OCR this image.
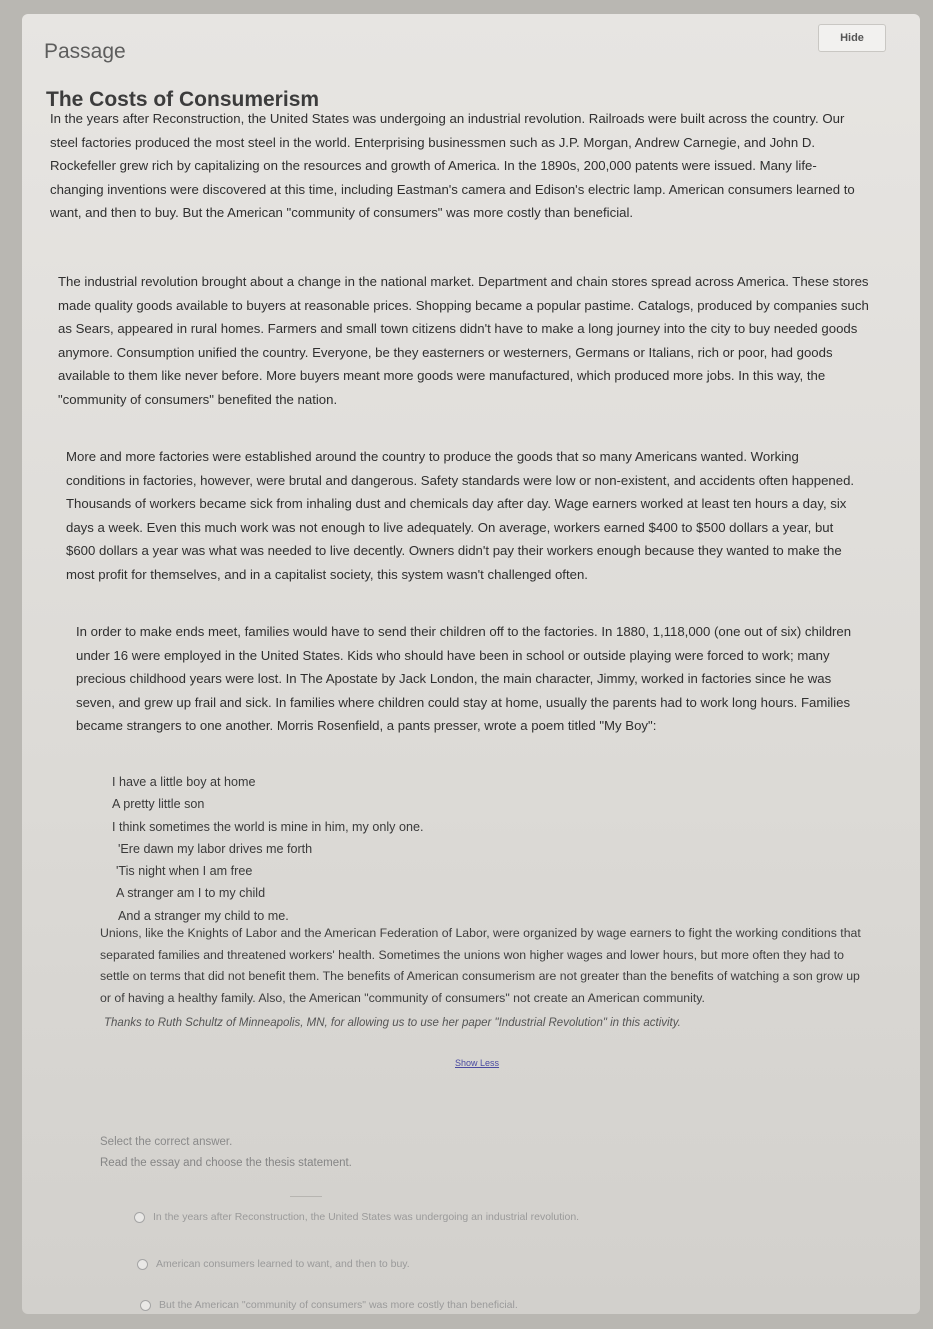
Passage
Hide
The Costs of Consumerism
In the years after Reconstruction, the United States was undergoing an industrial revolution. Railroads were built across the country. Our steel factories produced the most steel in the world. Enterprising businessmen such as J.P. Morgan, Andrew Carnegie, and John D. Rockefeller grew rich by capitalizing on the resources and growth of America. In the 1890s, 200,000 patents were issued. Many life-changing inventions were discovered at this time, including Eastman's camera and Edison's electric lamp. American consumers learned to want, and then to buy. But the American "community of consumers" was more costly than beneficial.
The industrial revolution brought about a change in the national market. Department and chain stores spread across America. These stores made quality goods available to buyers at reasonable prices. Shopping became a popular pastime. Catalogs, produced by companies such as Sears, appeared in rural homes. Farmers and small town citizens didn't have to make a long journey into the city to buy needed goods anymore. Consumption unified the country. Everyone, be they easterners or westerners, Germans or Italians, rich or poor, had goods available to them like never before. More buyers meant more goods were manufactured, which produced more jobs. In this way, the "community of consumers" benefited the nation.
More and more factories were established around the country to produce the goods that so many Americans wanted. Working conditions in factories, however, were brutal and dangerous. Safety standards were low or non-existent, and accidents often happened. Thousands of workers became sick from inhaling dust and chemicals day after day. Wage earners worked at least ten hours a day, six days a week. Even this much work was not enough to live adequately. On average, workers earned $400 to $500 dollars a year, but $600 dollars a year was what was needed to live decently. Owners didn't pay their workers enough because they wanted to make the most profit for themselves, and in a capitalist society, this system wasn't challenged often.
In order to make ends meet, families would have to send their children off to the factories. In 1880, 1,118,000 (one out of six) children under 16 were employed in the United States. Kids who should have been in school or outside playing were forced to work; many precious childhood years were lost. In The Apostate by Jack London, the main character, Jimmy, worked in factories since he was seven, and grew up frail and sick. In families where children could stay at home, usually the parents had to work long hours. Families became strangers to one another. Morris Rosenfield, a pants presser, wrote a poem titled "My Boy":
I have a little boy at home
A pretty little son
I think sometimes the world is mine in him, my only one.
'Ere dawn my labor drives me forth
'Tis night when I am free
A stranger am I to my child
And a stranger my child to me.
Unions, like the Knights of Labor and the American Federation of Labor, were organized by wage earners to fight the working conditions that separated families and threatened workers' health. Sometimes the unions won higher wages and lower hours, but more often they had to settle on terms that did not benefit them. The benefits of American consumerism are not greater than the benefits of watching a son grow up or of having a healthy family. Also, the American "community of consumers" not create an American community.
Thanks to Ruth Schultz of Minneapolis, MN, for allowing us to use her paper "Industrial Revolution" in this activity.
Show Less
Select the correct answer.
Read the essay and choose the thesis statement.
In the years after Reconstruction, the United States was undergoing an industrial revolution.
American consumers learned to want, and then to buy.
But the American "community of consumers" was more costly than beneficial.
